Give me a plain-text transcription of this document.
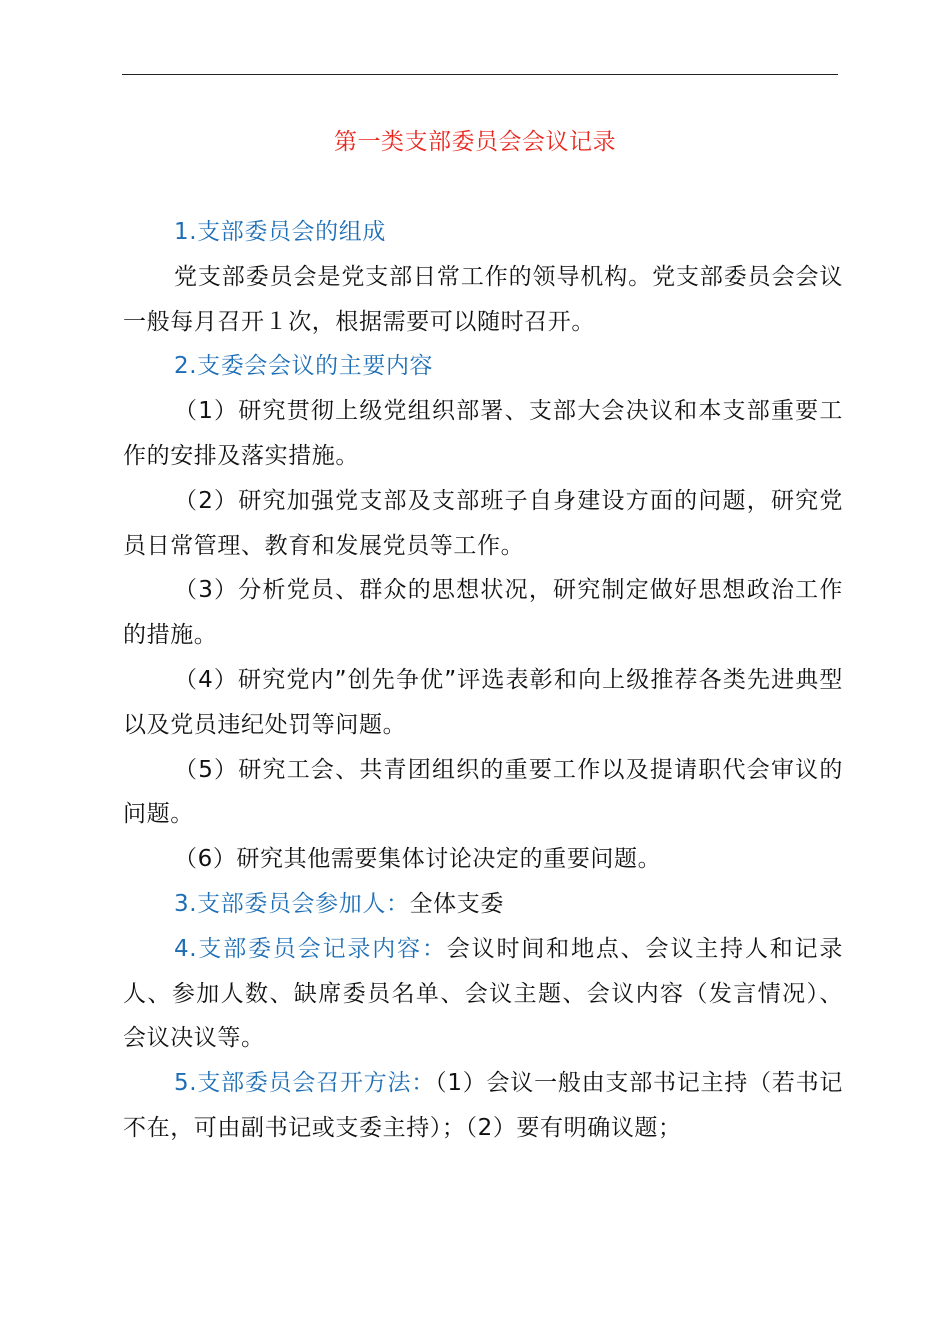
第一类支部委员会会议记录

1.支部委员会的组成

党支部委员会是党支部日常工作的领导机构。党支部委员会会议一般每月召开１次，根据需要可以随时召开。

2.支委会会议的主要内容

（1）研究贯彻上级党组织部署、支部大会决议和本支部重要工作的安排及落实措施。

（2）研究加强党支部及支部班子自身建设方面的问题，研究党员日常管理、教育和发展党员等工作。

（3）分析党员、群众的思想状况，研究制定做好思想政治工作的措施。

（4）研究党内”创先争优”评选表彰和向上级推荐各类先进典型以及党员违纪处罚等问题。

（5）研究工会、共青团组织的重要工作以及提请职代会审议的问题。

（6）研究其他需要集体讨论决定的重要问题。

3.支部委员会参加人：全体支委

4.支部委员会记录内容：会议时间和地点、会议主持人和记录人、参加人数、缺席委员名单、会议主题、会议内容（发言情况）、会议决议等。

5.支部委员会召开方法：（1）会议一般由支部书记主持（若书记不在，可由副书记或支委主持）；（2）要有明确议题；
